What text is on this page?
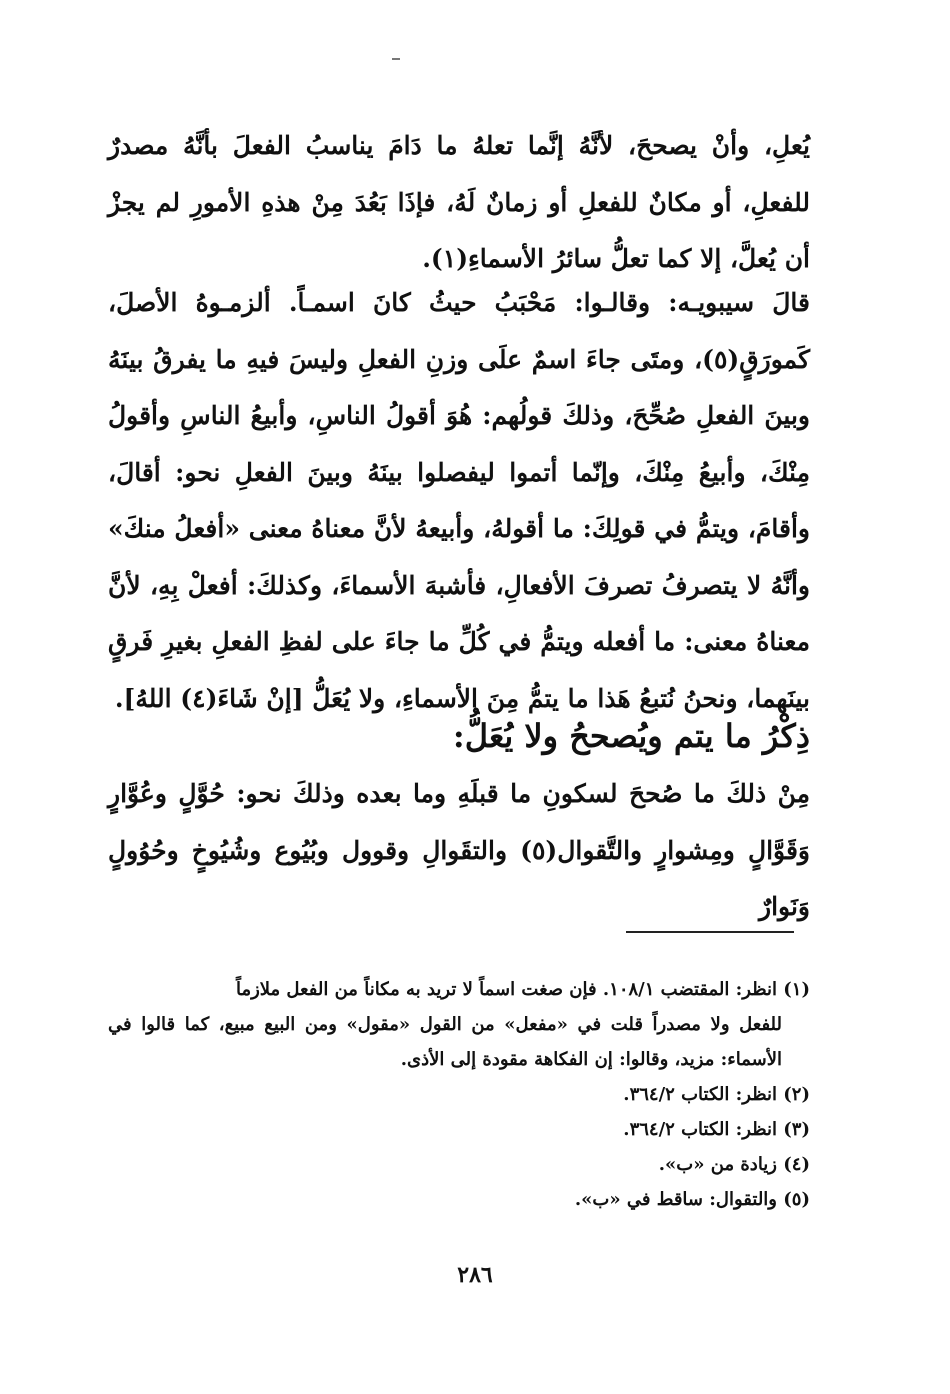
يُعلِ، وأنْ يصححَ، لأنَّهُ إنَّما تعلهُ ما دَامَ يناسبُ الفعلَ بأنَّهُ مصدرٌ للفعلِ، أو مكانٌ للفعلِ أو زمانٌ لَهُ، فإذَا بَعُدَ مِنْ هذهِ الأمورِ لم يجزْ أن يُعلَّ، إلا كما تعلُّ سائرُ الأسماءِ(١).

قالَ سيبويـه: وقالـوا: مَحْبَبُ حيثُ كانَ اسمـاً. ألزمـوهُ الأصلَ، كَمورَقٍ(٥)، ومتَى جاءَ اسمٌ علَى وزنِ الفعلِ وليسَ فيهِ ما يفرقُ بينَهُ وبينَ الفعلِ صُحِّحَ، وذلكَ قولُهم: هُوَ أقولُ الناسِ، وأبيعُ الناسِ وأقولُ مِنْكَ، وأبيعُ مِنْكَ، وإنّما أتموا ليفصلوا بينَهُ وبينَ الفعلِ نحو: أقالَ، وأقامَ، ويتمُّ في قولِكَ: ما أقولهُ، وأبيعهُ لأنَّ معناهُ معنى «أفعلُ منكَ» وأنَّهُ لا يتصرفُ تصرفَ الأفعالِ، فأشبهَ الأسماءَ، وكذلكَ: أفعلْ بِهِ، لأنَّ معناهُ معنى: ما أفعله ويتمُّ في كُلِّ ما جاءَ على لفظِ الفعلِ بغيرِ فَرقٍ بينَهما، ونحنُ نُتبعُ هَذا ما يتمُّ مِنَ الأسماءِ، ولا يُعَلُّ [إنْ شَاءَ(٤) اللهُ].

ذِكْرُ ما يتم ويُصححُ ولا يُعَلُّ:

مِنْ ذلكَ ما صُححَ لسكونِ ما قبلَهِ وما بعده وذلكَ نحو: حُوَّلٍ وعُوَّارٍ وَقَوَّالٍ ومِشوارٍ والتَّقوال(٥) والتقَوالِ وقوول وبُيُوع وشُيُوخٍ وحُوُولٍ وَنَوارٌ

(١) انظر: المقتضب ١٠٨/١. فإن صغت اسماً لا تريد به مكاناً من الفعل ملازماً

للفعل ولا مصدراً قلت في «مفعل» من القول «مقول» ومن البيع مبيع، كما قالوا في الأسماء: مزيد، وقالوا: إن الفكاهة مقودة إلى الأذى.

(٢) انظر: الكتاب ٣٦٤/٢.

(٣) انظر: الكتاب ٣٦٤/٢.

(٤) زيادة من «ب».

(٥) والتقوال: ساقط في «ب».

٢٨٦
